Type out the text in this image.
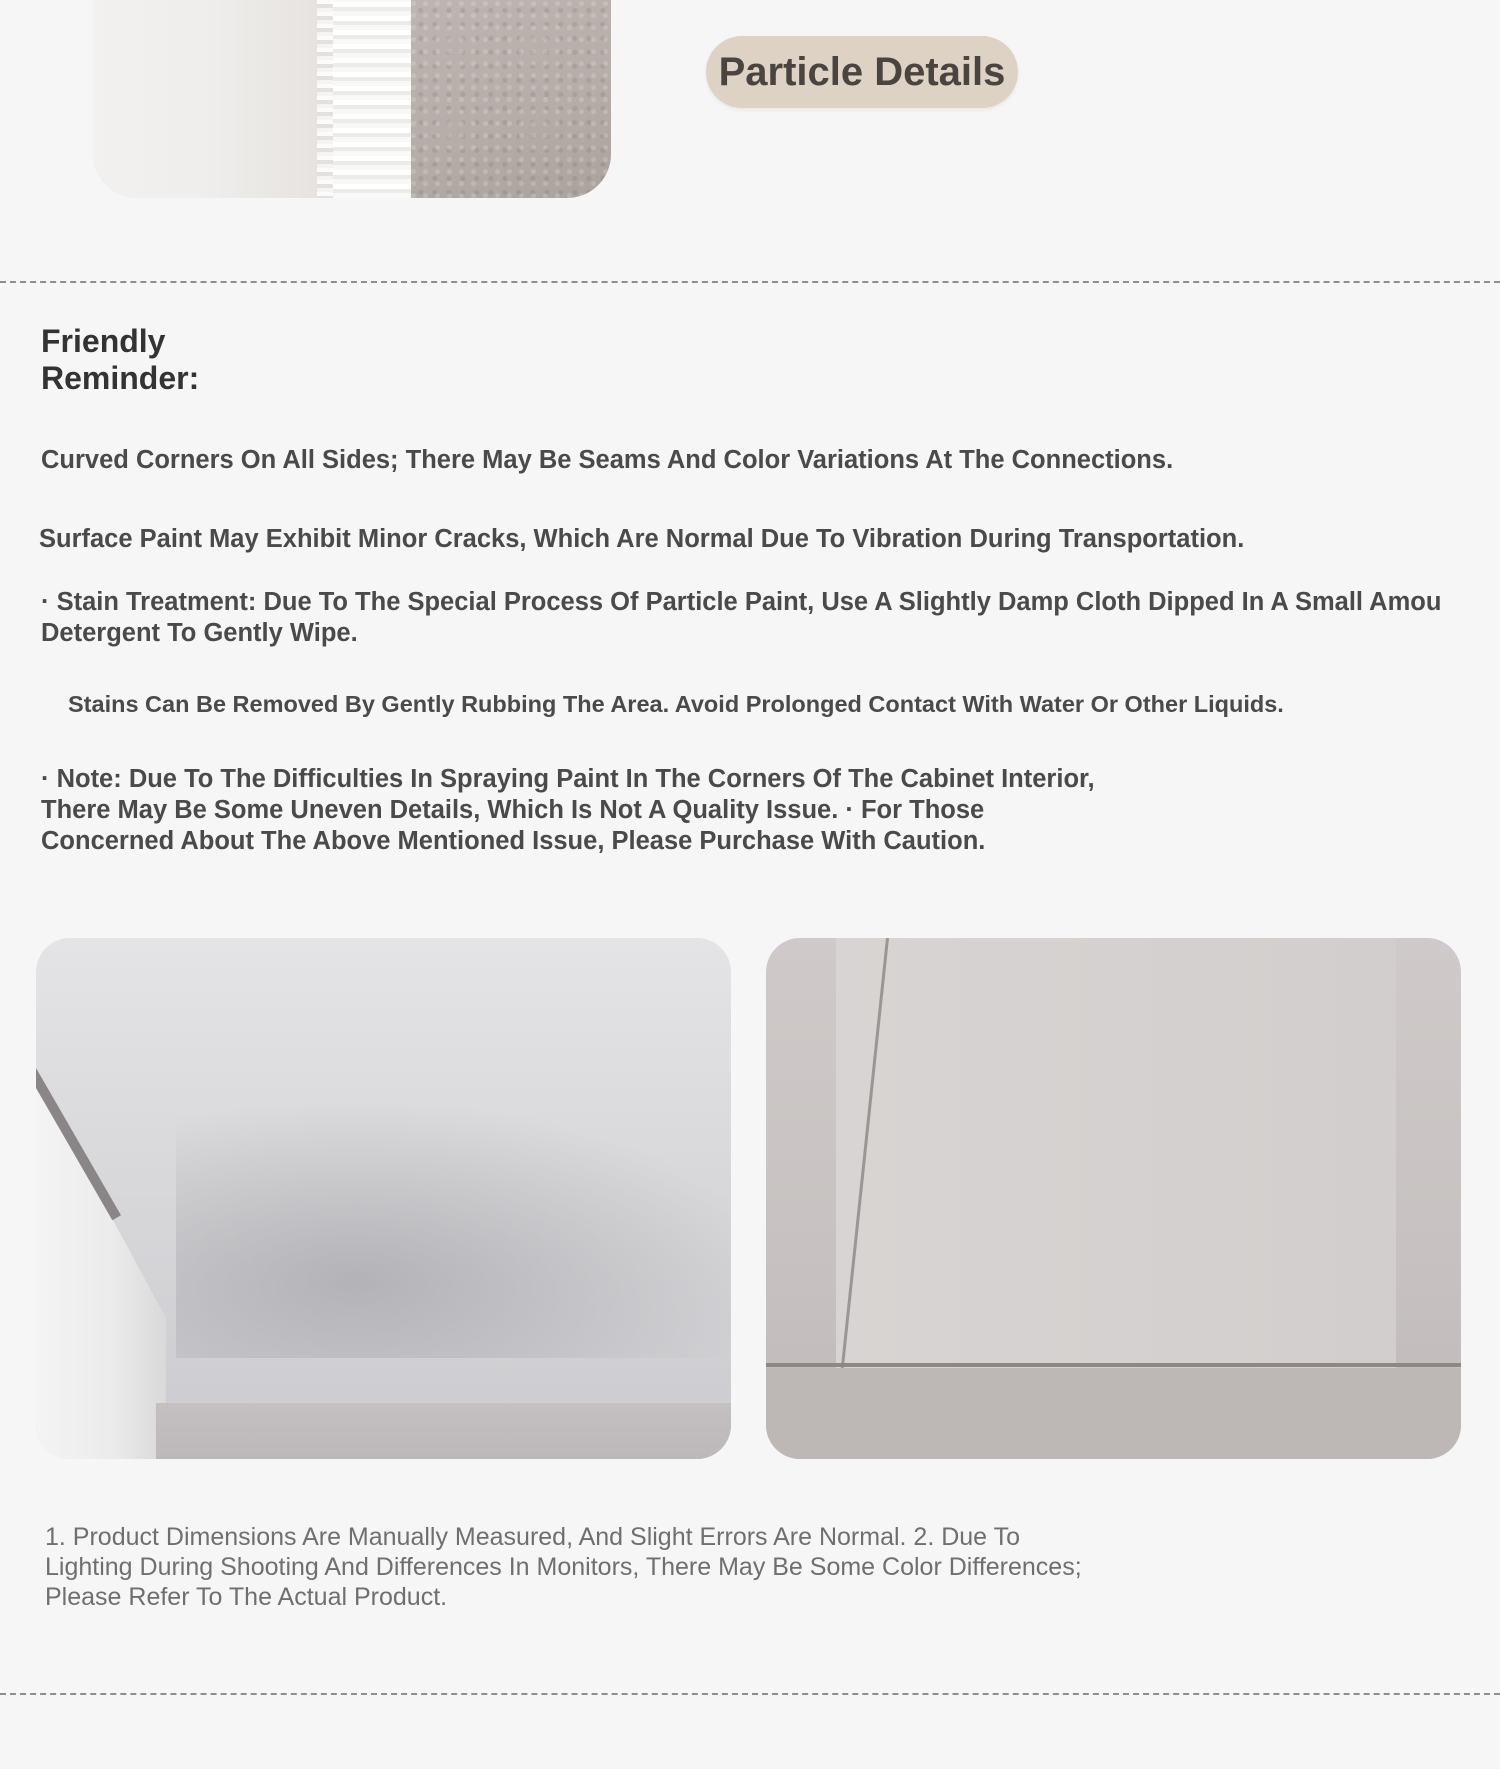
Particle Details
Friendly
Reminder:
Curved Corners On All Sides; There May Be Seams And Color Variations At The Connections.
Surface Paint May Exhibit Minor Cracks, Which Are Normal Due To Vibration During Transportation.
· Stain Treatment: Due To The Special Process Of Particle Paint, Use A Slightly Damp Cloth Dipped In A Small Amou
Detergent To Gently Wipe.
Stains Can Be Removed By Gently Rubbing The Area. Avoid Prolonged Contact With Water Or Other Liquids.
· Note: Due To The Difficulties In Spraying Paint In The Corners Of The Cabinet Interior,
There May Be Some Uneven Details, Which Is Not A Quality Issue. · For Those
Concerned About The Above Mentioned Issue, Please Purchase With Caution.
1. Product Dimensions Are Manually Measured, And Slight Errors Are Normal. 2. Due To
Lighting During Shooting And Differences In Monitors, There May Be Some Color Differences;
Please Refer To The Actual Product.
